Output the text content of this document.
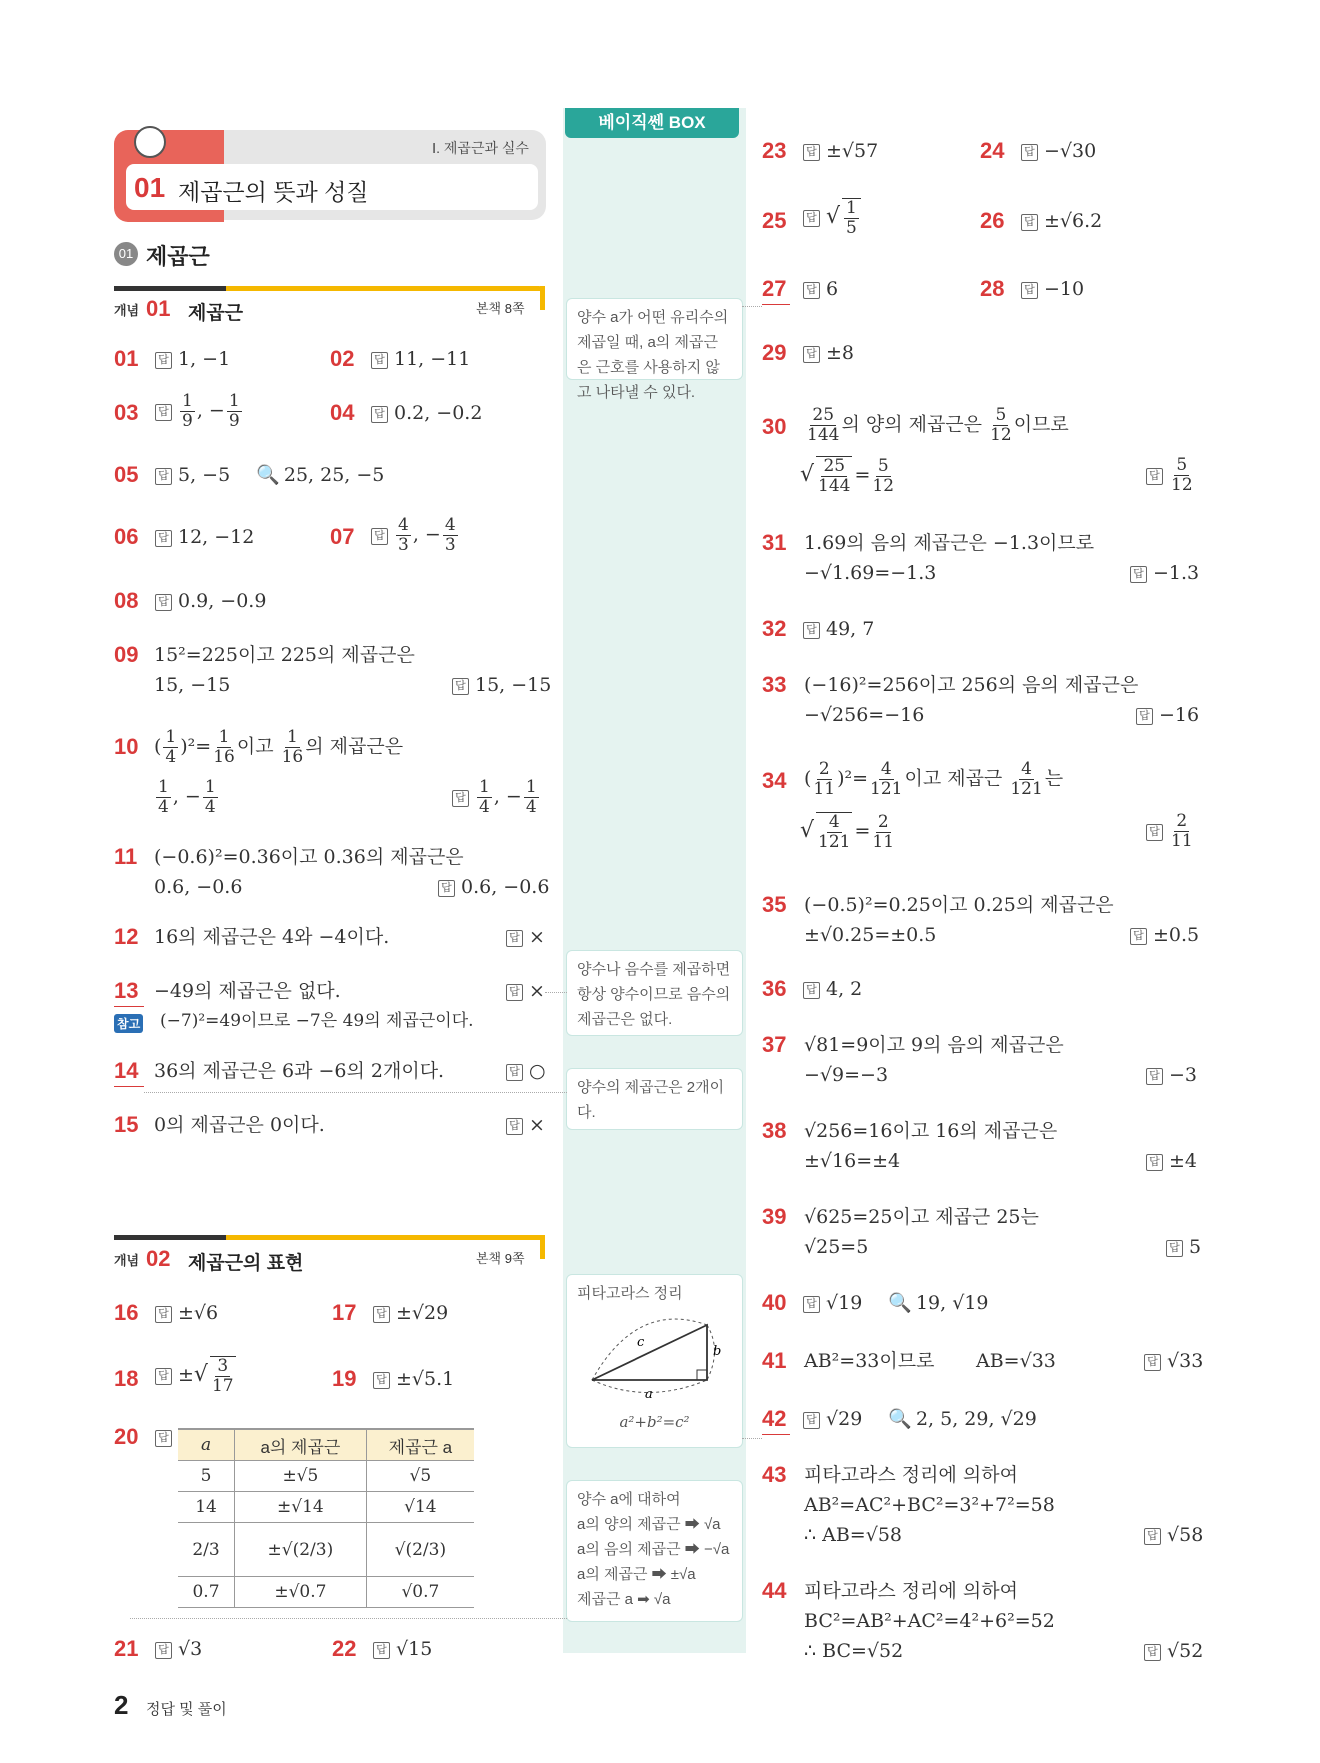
Ⅰ. 제곱근과 실수
01 제곱근의 뜻과 성질
01 제곱근
개념 01 제곱근	본책 8쪽
개념 02 제곱근의 표현	본책 9쪽
베이직쎈 BOX
양수 a가 어떤 유리수의 제곱일 때, a의 제곱근은 근호를 사용하지 않고 나타낼 수 있다.
양수나 음수를 제곱하면 항상 양수이므로 음수의 제곱근은 없다.
양수의 제곱근은 2개이다.
피타고라스 정리
c
b
a
a²+b²=c²
양수 a에 대하여
a의 양의 제곱근 ➡ √a
a의 음의 제곱근 ➡ −√a
a의 제곱근 ➡ ±√a
제곱근 a ➡ √a
01 답 1, −1	02 답 11, −11
03 답 $\frac{1}{9}$ , − $\frac{1}{9}$	04 답 0.2, −0.2
05 답 5, −5 🔍 25, 25, −5
06 답 12, −12	07 답 $\frac{4}{3}$ , − $\frac{4}{3}$
08 답 0.9, −0.9
09 15²=225이고 225의 제곱근은
15, −15	답 15, −15
10 ( $\frac{1}{4} )^2= \frac{1}{16}$ 이고 $\frac{1}{16}$ 의 제곱근은
$\frac{1}{4}$ , − $\frac{1}{4}$	답 $\frac{1}{4}$ , − $\frac{1}{4}$
11 (−0.6)²=0.36이고 0.36의 제곱근은
0.6, −0.6	답 0.6, −0.6
12 16의 제곱근은 4와 −4이다.	답 ×
13 −49의 제곱근은 없다.	답 ×
참고 (−7)²=49이므로 −7은 49의 제곱근이다.
14 36의 제곱근은 6과 −6의 2개이다.	답 ○
15 0의 제곱근은 0이다.	답 ×
16 답 ±√6	17 답 ±√29
18 답 ±√ $\frac{3}{17}$	19 답 ±√5.1
20 답	a	a의 제곱근	제곱근 a
5	±√5	√5
14	±√14	√14
2/3	±√(2/3)	√(2/3)
0.7	±√0.7	√0.7
21 답 √3	22 답 √15
23 답 ±√57	24 답 −√30
25 답 √ $\frac{1}{5}$	26 답 ±√6.2
27 답 6	28 답 −10
29 답 ±8
$30 \frac{25}{144}$ 의 양의 제곱근은 $\frac{5}{12}$ 이므로
√ $\frac{25}{144} = \frac{5}{12}$	답 $\frac{5}{12}$
31 1.69의 음의 제곱근은 −1.3이므로
−√1.69=−1.3	답 −1.3
32 답 49, 7
33 (−16)²=256이고 256의 음의 제곱근은
−√256=−16	답 −16
34 ( $\frac{2}{11} )^2= \frac{4}{121}$ 이고 제곱근 $\frac{4}{121}$ 는
√ $\frac{4}{121} = \frac{2}{11}$	답 $\frac{2}{11}$
35 (−0.5)²=0.25이고 0.25의 제곱근은
±√0.25=±0.5	답 ±0.5
36 답 4, 2
37 √81=9이고 9의 음의 제곱근은
−√9=−3	답 −3
38 √256=16이고 16의 제곱근은
±√16=±4	답 ±4
39 √625=25이고 제곱근 25는
√25=5	답 5
40 답 √19 🔍 19, √19
41 AB²=33이므로 AB=√33	답 √33
42 답 √29 🔍 2, 5, 29, √29
43 피타고라스 정리에 의하여
AB²=AC²+BC²=3²+7²=58
∴ AB=√58	답 √58
44 피타고라스 정리에 의하여
BC²=AB²+AC²=4²+6²=52
∴ BC=√52	답 √52
2 정답 및 풀이
